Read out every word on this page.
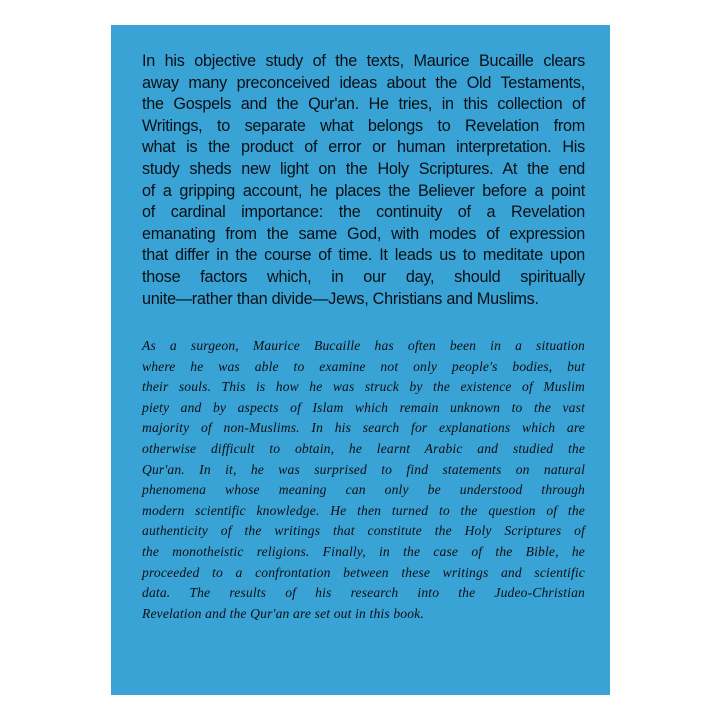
In his objective study of the texts, Maurice Bucaille clears
away many preconceived ideas about the Old Testaments,
the Gospels and the Qur'an. He tries, in this collection of
Writings, to separate what belongs to Revelation from
what is the product of error or human interpretation. His
study sheds new light on the Holy Scriptures. At the end
of a gripping account, he places the Believer before a point
of cardinal importance: the continuity of a Revelation
emanating from the same God, with modes of expression
that differ in the course of time. It leads us to meditate upon
those factors which, in our day, should spiritually
unite—rather than divide—Jews, Christians and Muslims.
As a surgeon, Maurice Bucaille has often been in a situation
where he was able to examine not only people's bodies, but
their souls. This is how he was struck by the existence of Muslim
piety and by aspects of Islam which remain unknown to the vast
majority of non-Muslims. In his search for explanations which are
otherwise difficult to obtain, he learnt Arabic and studied the
Qur'an. In it, he was surprised to find statements on natural
phenomena whose meaning can only be understood through
modern scientific knowledge. He then turned to the question of the
authenticity of the writings that constitute the Holy Scriptures of
the monotheistic religions. Finally, in the case of the Bible, he
proceeded to a confrontation between these writings and scientific
data. The results of his research into the Judeo-Christian
Revelation and the Qur'an are set out in this book.
